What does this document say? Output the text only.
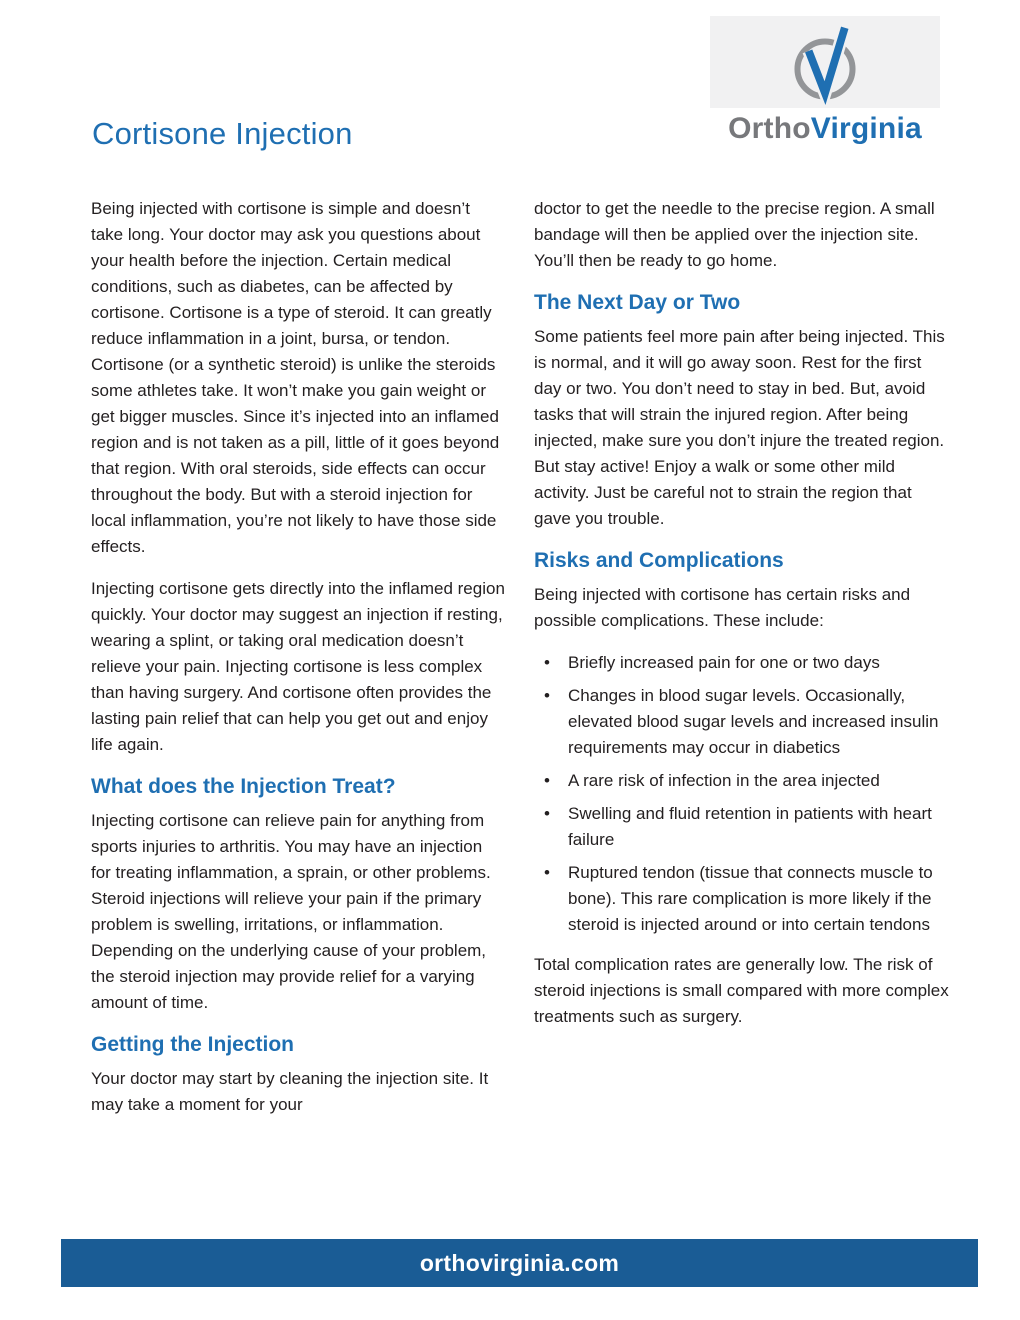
Cortisone Injection	OrthoVirginia

Being injected with cortisone is simple and doesn’t take long. Your doctor may ask you questions about your health before the injection. Certain medical conditions, such as diabetes, can be affected by cortisone. Cortisone is a type of steroid. It can greatly reduce inflammation in a joint, bursa, or tendon. Cortisone (or a synthetic steroid) is unlike the steroids some athletes take. It won’t make you gain weight or get bigger muscles. Since it’s injected into an inflamed region and is not taken as a pill, little of it goes beyond that region. With oral steroids, side effects can occur throughout the body. But with a steroid injection for local inflammation, you’re not likely to have those side effects.

Injecting cortisone gets directly into the inflamed region quickly. Your doctor may suggest an injection if resting, wearing a splint, or taking oral medication doesn’t relieve your pain. Injecting cortisone is less complex than having surgery. And cortisone often provides the lasting pain relief that can help you get out and enjoy life again.

What does the Injection Treat?

Injecting cortisone can relieve pain for anything from sports injuries to arthritis. You may have an injection for treating inflammation, a sprain, or other problems. Steroid injections will relieve your pain if the primary problem is swelling, irritations, or inflammation. Depending on the underlying cause of your problem, the steroid injection may provide relief for a varying amount of time.

Getting the Injection

Your doctor may start by cleaning the injection site. It may take a moment for your

doctor to get the needle to the precise region. A small bandage will then be applied over the injection site. You’ll then be ready to go home.

The Next Day or Two

Some patients feel more pain after being injected. This is normal, and it will go away soon. Rest for the first day or two. You don’t need to stay in bed. But, avoid tasks that will strain the injured region. After being injected, make sure you don’t injure the treated region. But stay active! Enjoy a walk or some other mild activity. Just be careful not to strain the region that gave you trouble.

Risks and Complications

Being injected with cortisone has certain risks and possible complications. These include:

•	Briefly increased pain for one or two days
•	Changes in blood sugar levels. Occasionally, elevated blood sugar levels and increased insulin requirements may occur in diabetics
•	A rare risk of infection in the area injected
•	Swelling and fluid retention in patients with heart failure
•	Ruptured tendon (tissue that connects muscle to bone). This rare complication is more likely if the steroid is injected around or into certain tendons

Total complication rates are generally low. The risk of steroid injections is small compared with more complex treatments such as surgery.

orthovirginia.com
